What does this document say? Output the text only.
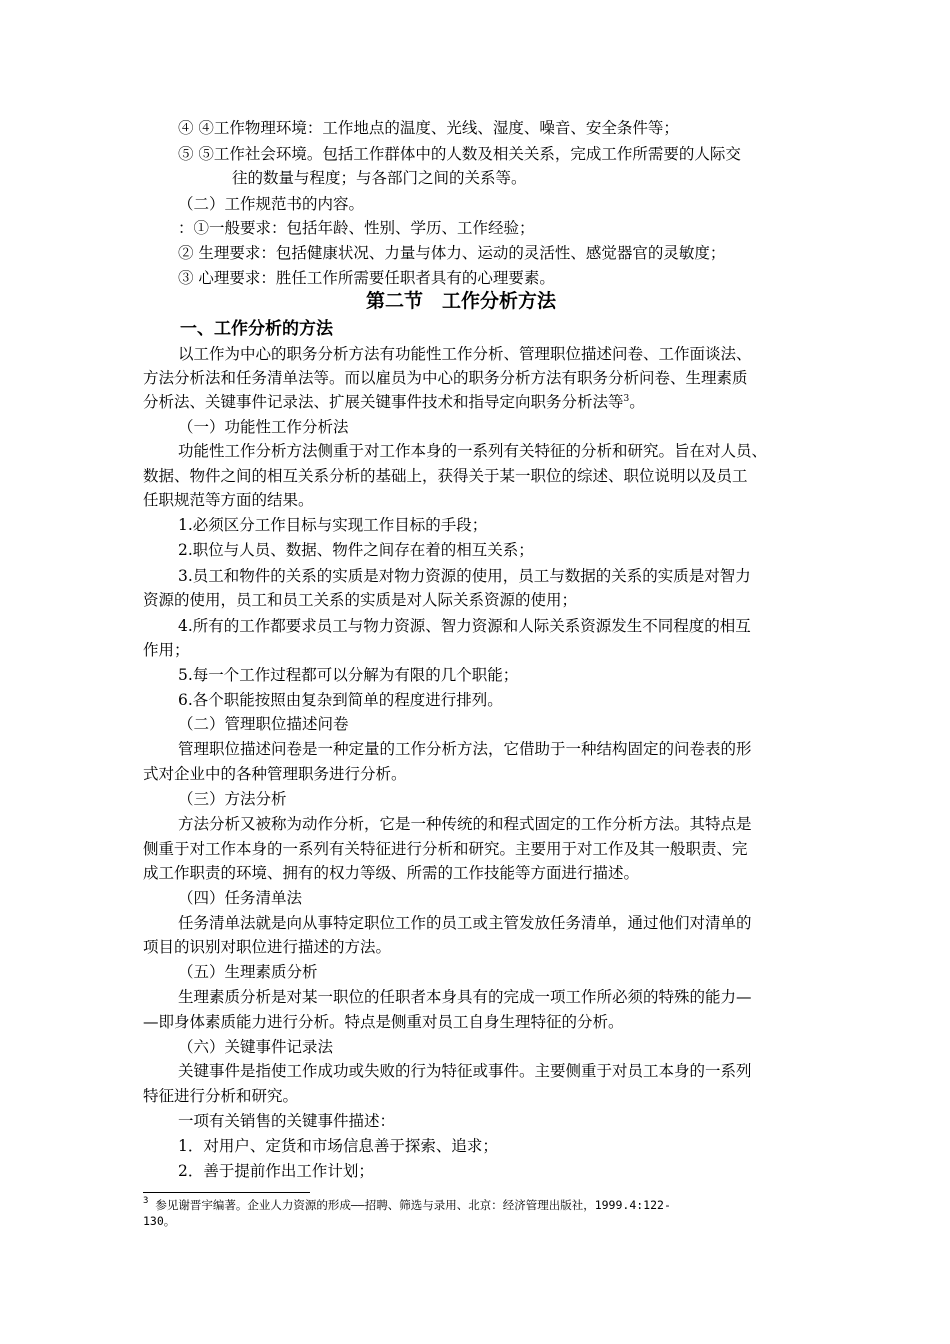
④ ④工作物理环境：工作地点的温度、光线、湿度、噪音、安全条件等；
⑤ ⑤工作社会环境。包括工作群体中的人数及相关关系，完成工作所需要的人际交
往的数量与程度；与各部门之间的关系等。
（二）工作规范书的内容。
：①一般要求：包括年龄、性别、学历、工作经验；
② 生理要求：包括健康状况、力量与体力、运动的灵活性、感觉器官的灵敏度；
③ 心理要求：胜任工作所需要任职者具有的心理要素。
第二节　工作分析方法
一、工作分析的方法
以工作为中心的职务分析方法有功能性工作分析、管理职位描述问卷、工作面谈法、
方法分析法和任务清单法等。而以雇员为中心的职务分析方法有职务分析问卷、生理素质
分析法、关键事件记录法、扩展关键事件技术和指导定向职务分析法等$^3$。
（一）功能性工作分析法
功能性工作分析方法侧重于对工作本身的一系列有关特征的分析和研究。旨在对人员、
数据、物件之间的相互关系分析的基础上，获得关于某一职位的综述、职位说明以及员工
任职规范等方面的结果。
1.必须区分工作目标与实现工作目标的手段；
2.职位与人员、数据、物件之间存在着的相互关系；
3.员工和物件的关系的实质是对物力资源的使用，员工与数据的关系的实质是对智力
资源的使用，员工和员工关系的实质是对人际关系资源的使用；
4.所有的工作都要求员工与物力资源、智力资源和人际关系资源发生不同程度的相互
作用；
5.每一个工作过程都可以分解为有限的几个职能；
6.各个职能按照由复杂到简单的程度进行排列。
（二）管理职位描述问卷
管理职位描述问卷是一种定量的工作分析方法，它借助于一种结构固定的问卷表的形
式对企业中的各种管理职务进行分析。
（三）方法分析
方法分析又被称为动作分析，它是一种传统的和程式固定的工作分析方法。其特点是
侧重于对工作本身的一系列有关特征进行分析和研究。主要用于对工作及其一般职责、完
成工作职责的环境、拥有的权力等级、所需的工作技能等方面进行描述。
（四）任务清单法
任务清单法就是向从事特定职位工作的员工或主管发放任务清单，通过他们对清单的
项目的识别对职位进行描述的方法。
（五）生理素质分析
生理素质分析是对某一职位的任职者本身具有的完成一项工作所必须的特殊的能力—
—即身体素质能力进行分析。特点是侧重对员工自身生理特征的分析。
（六）关键事件记录法
关键事件是指使工作成功或失败的行为特征或事件。主要侧重于对员工本身的一系列
特征进行分析和研究。
一项有关销售的关键事件描述：
1．对用户、定货和市场信息善于探索、追求；
2．善于提前作出工作计划；
$^3$ 参见谢晋宇编著。企业人力资源的形成——招聘、筛选与录用、北京：经济管理出版社，1999.4:122-
130。
